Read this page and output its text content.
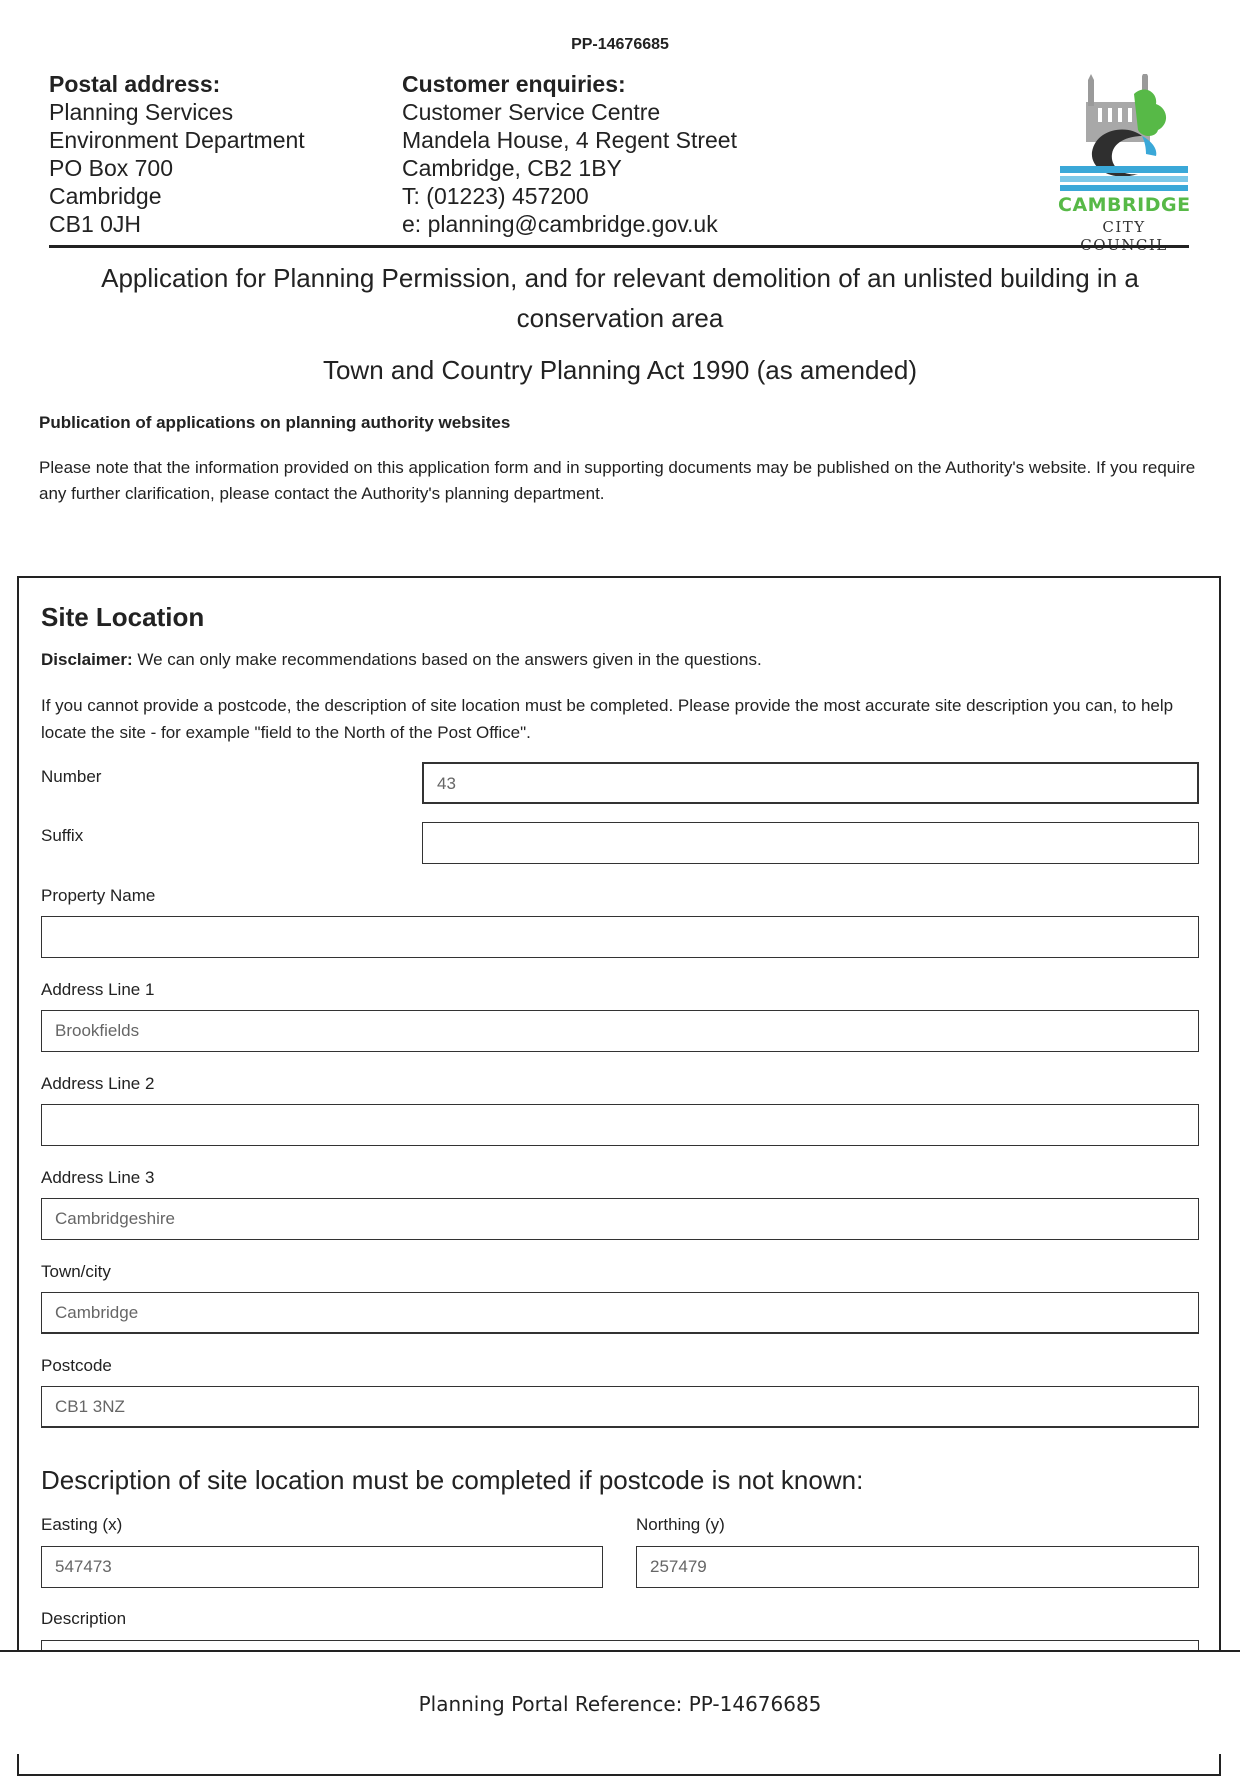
PP-14676685
Postal address:
Planning Services
Environment Department
PO Box 700
Cambridge
CB1 0JH
Customer enquiries:
Customer Service Centre
Mandela House, 4 Regent Street
Cambridge, CB2 1BY
T: (01223) 457200
e: planning@cambridge.gov.uk
CAMBRIDGE
CITY
Application for Planning Permission, and for relevant demolition of an unlisted building in a conservation area
Town and Country Planning Act 1990 (as amended)
Publication of applications on planning authority websites
Please note that the information provided on this application form and in supporting documents may be published on the Authority's website. If you require any further clarification, please contact the Authority's planning department.
Site Location
Disclaimer: We can only make recommendations based on the answers given in the questions.
If you cannot provide a postcode, the description of site location must be completed. Please provide the most accurate site description you can, to help locate the site - for example "field to the North of the Post Office".
Number	43
Suffix
Property Name
Address Line 1
Brookfields
Address Line 2
Address Line 3
Cambridgeshire
Town/city
Cambridge
Postcode
CB1 3NZ
Description of site location must be completed if postcode is not known:
Easting (x)
547473
Northing (y)
257479
Description
Planning Portal Reference: PP-14676685
